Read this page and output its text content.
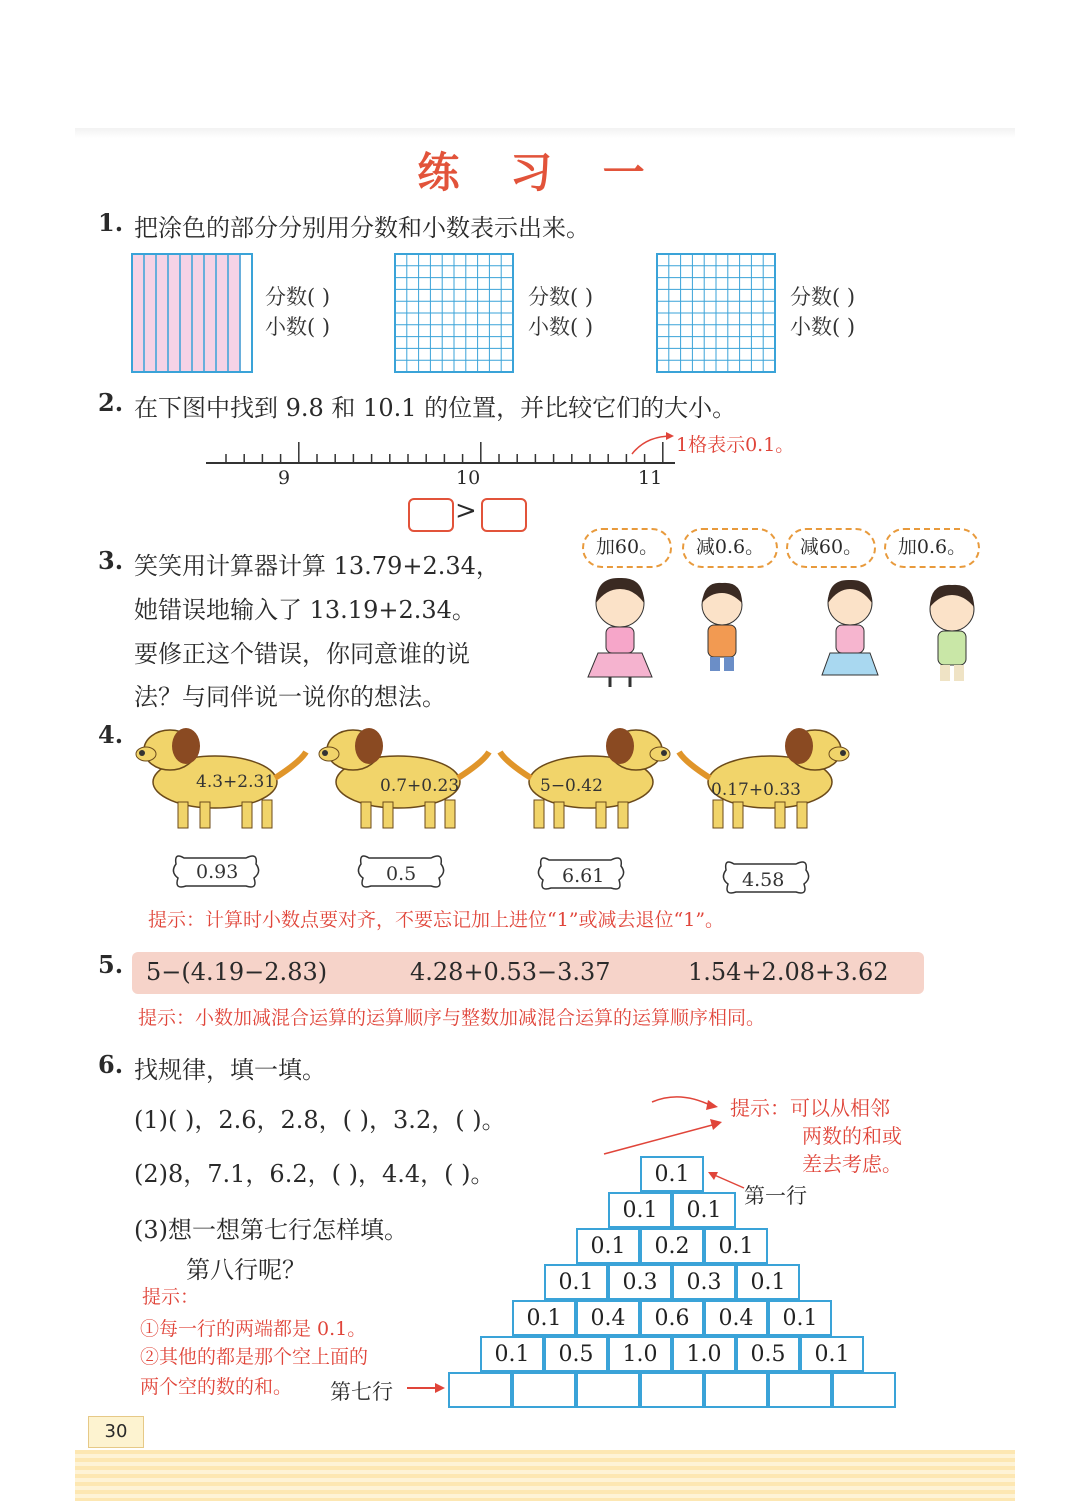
练 习 一
1. 把涂色的部分分别用分数和小数表示出来。
分数( )
小数( )
分数( )
小数( )
分数( )
小数( )
2. 在下图中找到 9.8 和 10.1 的位置，并比较它们的大小。
9	10	11
1格表示0.1。
>
3. 笑笑用计算器计算 13.79+2.34，
她错误地输入了 13.19+2.34。
要修正这个错误，你同意谁的说
法？与同伴说一说你的想法。
加60。	减0.6。	减60。	加0.6。
4.
4.3+2.31	0.7+0.23	5−0.42	0.17+0.33
0.93	0.5	6.61	4.58
提示：计算时小数点要对齐，不要忘记加上进位“1”或减去退位“1”。
5. 5−(4.19−2.83)	4.28+0.53−3.37	1.54+2.08+3.62
提示：小数加减混合运算的运算顺序与整数加减混合运算的运算顺序相同。
6. 找规律，填一填。
(1)( )，2.6，2.8，( )，3.2，( )。
(2)8，7.1，6.2，( )，4.4，( )。
(3)想一想第七行怎样填。
第八行呢？
提示：
①每一行的两端都是 0.1。
②其他的都是那个空上面的
两个空的数的和。 第七行
提示：可以从相邻
两数的和或
差去考虑。
第一行
0.1
0.1	0.1
0.1	0.2	0.1
0.1	0.3	0.3	0.1
0.1	0.4	0.6	0.4	0.1
0.1	0.5	1.0	1.0	0.5	0.1
30
